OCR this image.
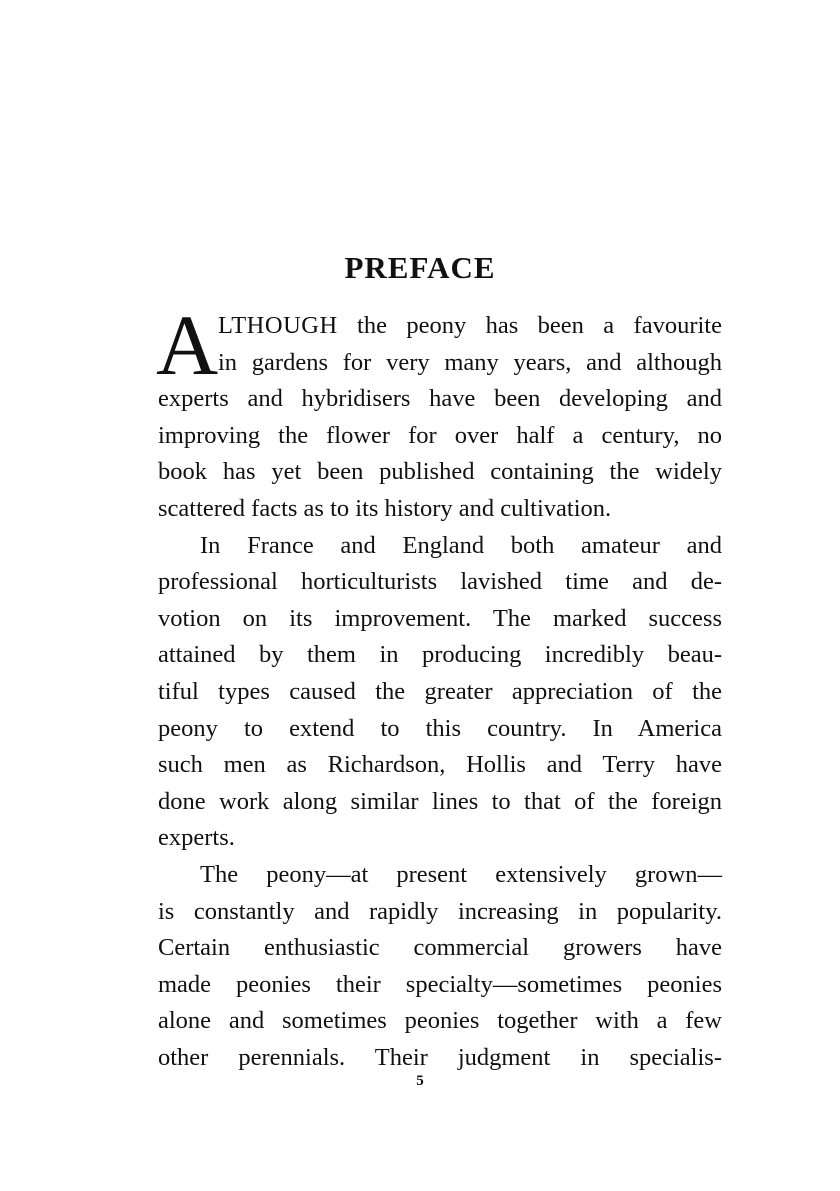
PREFACE
A LTHOUGH the peony has been a favourite
in gardens for very many years, and although
experts and hybridisers have been developing and
improving the flower for over half a century, no
book has yet been published containing the widely
scattered facts as to its history and cultivation.
In France and England both amateur and
professional horticulturists lavished time and de-
votion on its improvement. The marked success
attained by them in producing incredibly beau-
tiful types caused the greater appreciation of the
peony to extend to this country. In America
such men as Richardson, Hollis and Terry have
done work along similar lines to that of the foreign
experts.
The peony—at present extensively grown—
is constantly and rapidly increasing in popularity.
Certain enthusiastic commercial growers have
made peonies their specialty—sometimes peonies
alone and sometimes peonies together with a few
other perennials. Their judgment in specialis-
5
